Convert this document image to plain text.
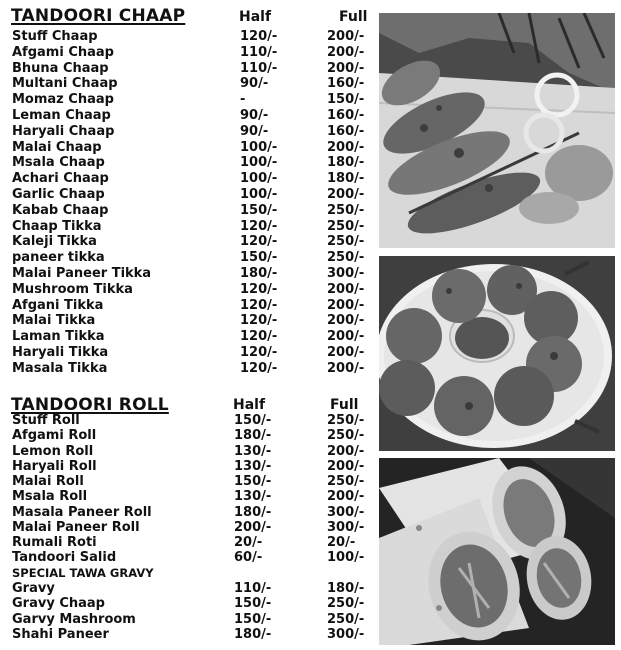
TANDOORI CHAAP	Half	Full
Stuff Chaap	120/-	200/-
Afgami Chaap	110/-	200/-
Bhuna Chaap	110/-	200/-
Multani Chaap	90/-	160/-
Momaz Chaap	-	150/-
Leman Chaap	90/-	160/-
Haryali Chaap	90/-	160/-
Malai Chaap	100/-	200/-
Msala Chaap	100/-	180/-
Achari Chaap	100/-	180/-
Garlic Chaap	100/-	200/-
Kabab Chaap	150/-	250/-
Chaap Tikka	120/-	250/-
Kaleji Tikka	120/-	250/-
paneer tikka	150/-	250/-
Malai Paneer Tikka	180/-	300/-
Mushroom Tikka	120/-	200/-
Afgani Tikka	120/-	200/-
Malai Tikka	120/-	200/-
Laman Tikka	120/-	200/-
Haryali Tikka	120/-	200/-
Masala Tikka	120/-	200/-
TANDOORI ROLL	Half	Full
Stuff Roll	150/-	250/-
Afgami Roll	180/-	250/-
Lemon Roll	130/-	200/-
Haryali Roll	130/-	200/-
Malai Roll	150/-	250/-
Msala Roll	130/-	200/-
Masala Paneer Roll	180/-	300/-
Malai Paneer Roll	200/-	300/-
Rumali Roti	20/-	20/-
Tandoori Salid	60/-	100/-
SPECIAL TAWA GRAVY
Gravy	110/-	180/-
Gravy Chaap	150/-	250/-
Garvy Mashroom	150/-	250/-
Shahi Paneer	180/-	300/-
